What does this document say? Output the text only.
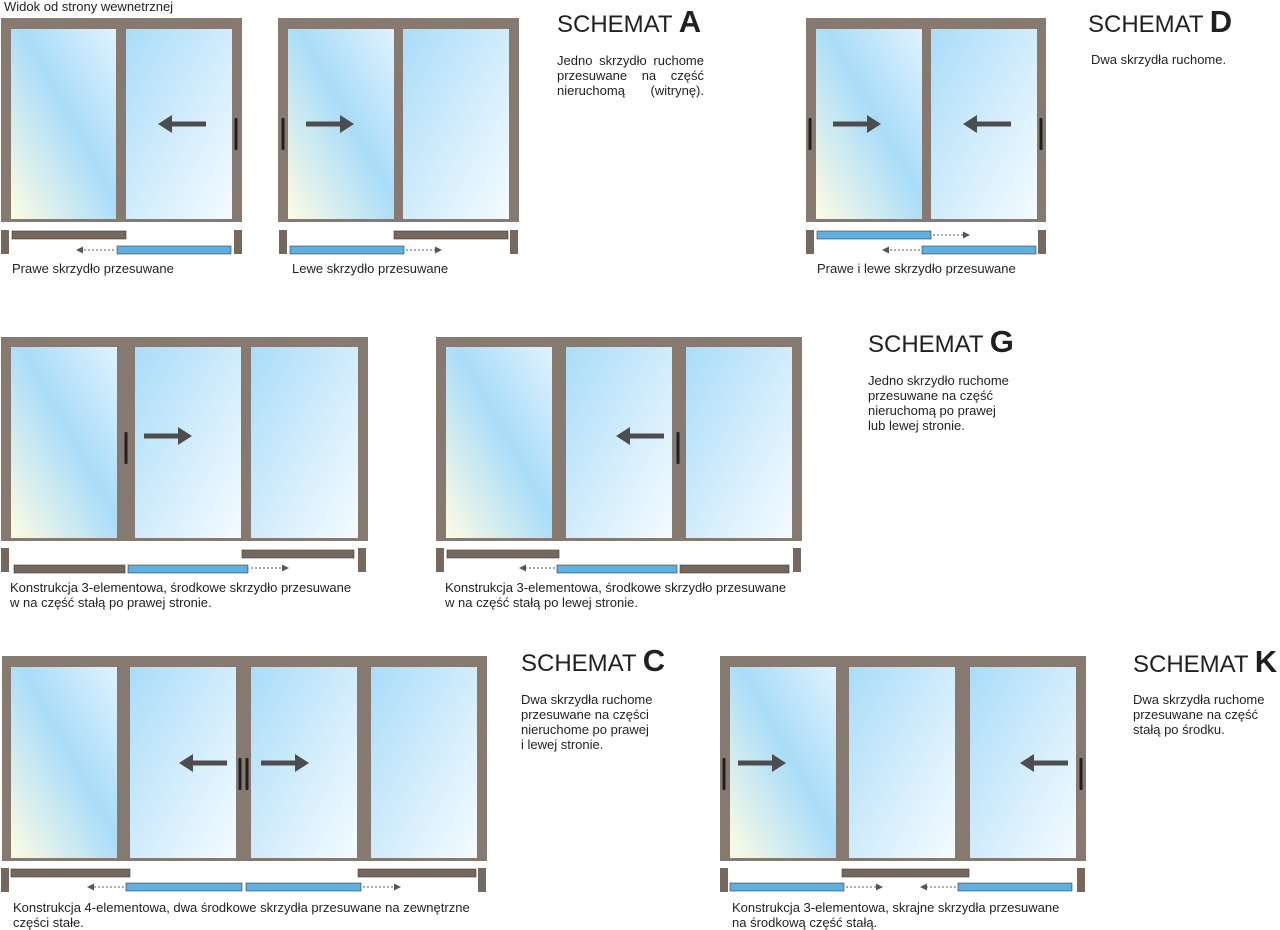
Widok od strony wewnetrznej
SCHEMAT A
Jedno skrzydło ruchome
przesuwane na część
nieruchomą (witrynę).
SCHEMAT D
Dwa skrzydła ruchome.
SCHEMAT G
Jedno skrzydło ruchome
przesuwane na część
nieruchomą po prawej
lub lewej stronie.
SCHEMAT C
Dwa skrzydła ruchome
przesuwane na części
nieruchome po prawej
i lewej stronie.
SCHEMAT K
Dwa skrzydła ruchome
przesuwane na część
stałą po środku.
Prawe skrzydło przesuwane	Lewe skrzydło przesuwane	Prawe i lewe skrzydło przesuwane
Konstrukcja 3-elementowa, środkowe skrzydło przesuwane
w na część stałą po prawej stronie.
Konstrukcja 3-elementowa, środkowe skrzydło przesuwane
w na część stałą po lewej stronie.
Konstrukcja 4-elementowa, dwa środkowe skrzydła przesuwane na zewnętrzne
części stałe.
Konstrukcja 3-elementowa, skrajne skrzydła przesuwane
na środkową część stałą.
